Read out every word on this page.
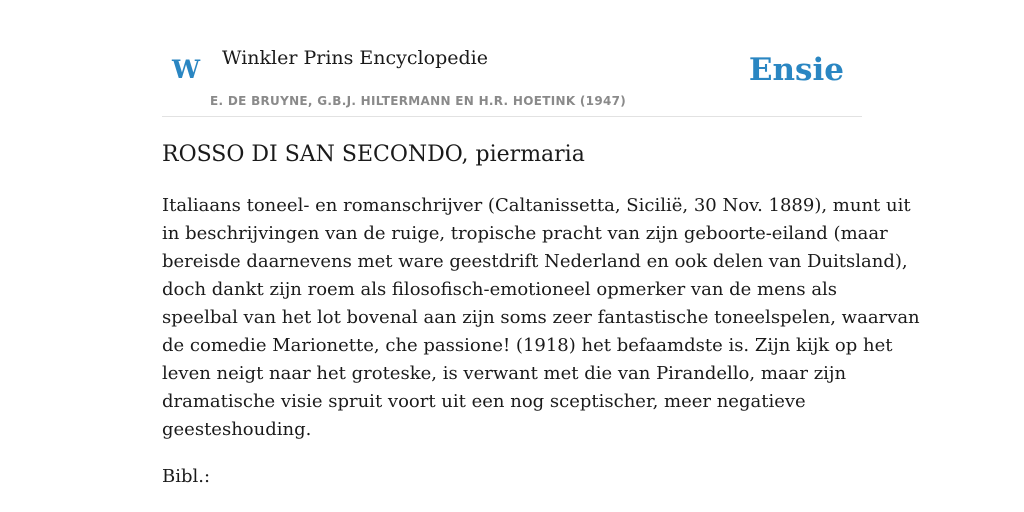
W Winkler Prins Encyclopedie
E. DE BRUYNE, G.B.J. HILTERMANN EN H.R. HOETINK (1947)
Ensie
ROSSO DI SAN SECONDO, piermaria

Italiaans toneel- en romanschrijver (Caltanissetta, Sicilië, 30 Nov. 1889), munt uit
in beschrijvingen van de ruige, tropische pracht van zijn geboorte-eiland (maar
bereisde daarnevens met ware geestdrift Nederland en ook delen van Duitsland),
doch dankt zijn roem als filosofisch-emotioneel opmerker van de mens als
speelbal van het lot bovenal aan zijn soms zeer fantastische toneelspelen, waarvan
de comedie Marionette, che passione! (1918) het befaamdste is. Zijn kijk op het
leven neigt naar het groteske, is verwant met die van Pirandello, maar zijn
dramatische visie spruit voort uit een nog sceptischer, meer negatieve
geesteshouding.

Bibl.:
